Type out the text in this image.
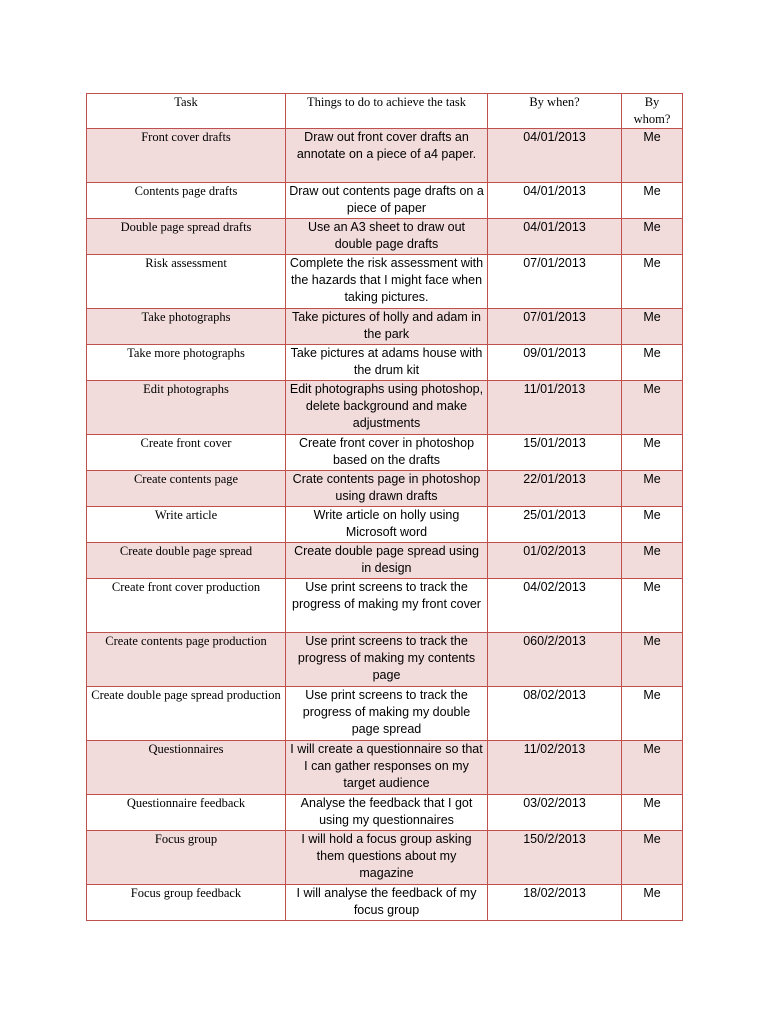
Task	Things to do to achieve the task	By when?	By whom?
Front cover drafts	Draw out front cover drafts an annotate on a piece of a4 paper.	04/01/2013	Me
Contents page drafts	Draw out contents page drafts on a piece of paper	04/01/2013	Me
Double page spread drafts	Use an A3 sheet to draw out double page drafts	04/01/2013	Me
Risk assessment	Complete the risk assessment with the hazards that I might face when taking pictures.	07/01/2013	Me
Take photographs	Take pictures of holly and adam in the park	07/01/2013	Me
Take more photographs	Take pictures at adams house with the drum kit	09/01/2013	Me
Edit photographs	Edit photographs using photoshop, delete background and make adjustments	11/01/2013	Me
Create front cover	Create front cover in photoshop based on the drafts	15/01/2013	Me
Create contents page	Crate contents page in photoshop using drawn drafts	22/01/2013	Me
Write article	Write article on holly using Microsoft word	25/01/2013	Me
Create double page spread	Create double page spread using in design	01/02/2013	Me
Create front cover production	Use print screens to track the progress of making my front cover	04/02/2013	Me
Create contents page production	Use print screens to track the progress of making my contents page	060/2/2013	Me
Create double page spread production	Use print screens to track the progress of making my double page spread	08/02/2013	Me
Questionnaires	I will create a questionnaire so that I can gather responses on my target audience	11/02/2013	Me
Questionnaire feedback	Analyse the feedback that I got using my questionnaires	03/02/2013	Me
Focus group	I will hold a focus group asking them questions about my magazine	150/2/2013	Me
Focus group feedback	I will analyse the feedback of my focus group	18/02/2013	Me
